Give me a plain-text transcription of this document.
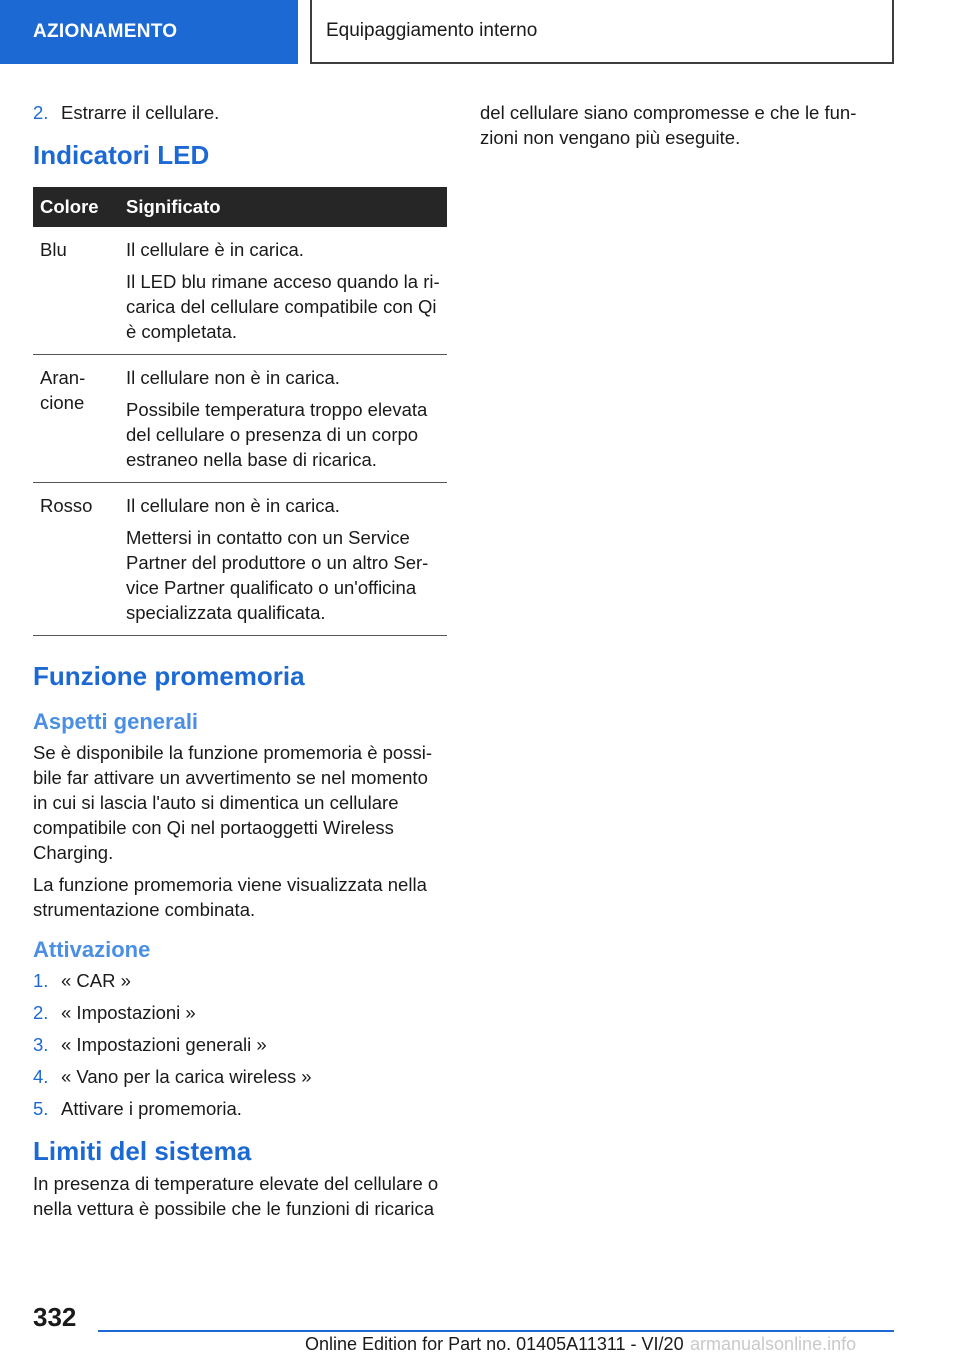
AZIONAMENTO	Equipaggiamento interno
2. Estrarre il cellulare.
Indicatori LED
Colore	Significato
Blu	Il cellulare è in carica.
Il LED blu rimane acceso quando la ri-carica del cellulare compatibile con Qi è completata.

Aran-cione	Il cellulare non è in carica.
Possibile temperatura troppo elevata del cellulare o presenza di un corpo estraneo nella base di ricarica.

Rosso	Il cellulare non è in carica.
Mettersi in contatto con un Service Partner del produttore o un altro Ser-vice Partner qualificato o un'officina specializzata qualificata.
Funzione promemoria
Aspetti generali

Se è disponibile la funzione promemoria è possi-bile far attivare un avvertimento se nel momento in cui si lascia l'auto si dimentica un cellulare compatibile con Qi nel portaoggetti Wireless Charging.

La funzione promemoria viene visualizzata nella strumentazione combinata.

Attivazione
1. « CAR »
2. « Impostazioni »
3. « Impostazioni generali »
4. « Vano per la carica wireless »
5. Attivare i promemoria.
Limiti del sistema

In presenza di temperature elevate del cellulare o nella vettura è possibile che le funzioni di ricarica

del cellulare siano compromesse e che le fun-zioni non vengano più eseguite.

332
Online Edition for Part no. 01405A11311 - VI/20 armanualsonline.info
